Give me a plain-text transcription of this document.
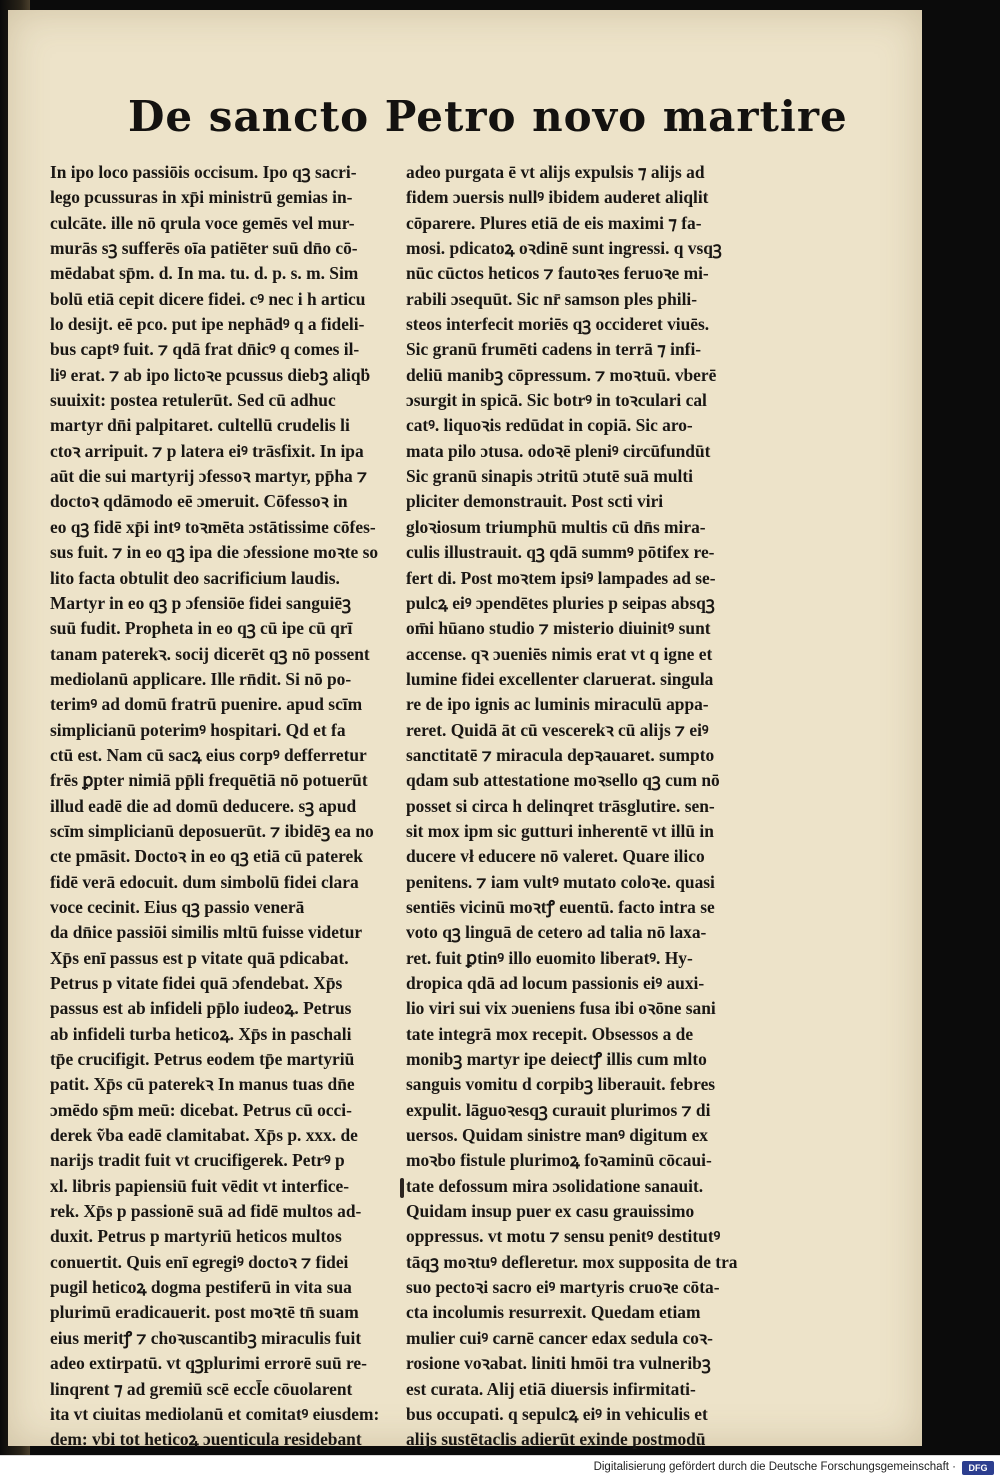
De sancto Petro novo martire
In ipo loco passiōis occisum. Ipo qꝫ sacri-
lego pcussuras in xp̄i ministrū gemias in-
culcāte. ille nō qrula voce gemēs vel mur-
murās sꝫ sufferēs oīa patiēter suū dn̄o cō-
mēdabat sp̄m. d. In ma. tu. d. p. s. m. Sim
bolū etiā cepit dicere fidei. cꝰ nec i h articu
lo desijt. eē pco. put ipe nephādꝰ q a fideli-
bus captꝰ fuit. ⁊ qdā frat dn̄icꝰ q comes il-
liꝰ erat. ⁊ ab ipo lictoꝛe pcussus diebꝫ aliqḃ
suuixit: postea retulerūt. Sed cū adhuc
martyr dn̄i palpitaret. cultellū crudelis li
ctoꝛ arripuit. ⁊ p latera eiꝰ trāsfixit. In ipa
aūt die sui martyrij ɔfessoꝛ martyr, pp̄ha ⁊
doctoꝛ qdāmodo eē ɔmeruit. Cōfessoꝛ in
eo qꝫ fidē xp̄i intꝰ toꝛmēta ɔstātissime cōfes-
sus fuit. ⁊ in eo qꝫ ipa die ɔfessione moꝛte so
lito facta obtulit deo sacrificium laudis.
Martyr in eo qꝫ p ɔfensiōe fidei sanguiēꝫ
suū fudit. Propheta in eo qꝫ cū ipe cū qrī
tanam paterekꝛ. socij dicerēt qꝫ nō possent
mediolanū applicare. Ille rn̄dit. Si nō po-
terimꝰ ad domū fratrū puenire. apud scīm
simplicianū poterimꝰ hospitari. Qd et fa
ctū est. Nam cū sacꝝ eius corpꝰ defferretur
frēs ꝑpter nimiā pp̄li frequētiā nō potuerūt
illud eadē die ad domū deducere. sꝫ apud
scīm simplicianū deposuerūt. ⁊ ibidēꝫ ea no
cte pmāsit. Doctoꝛ in eo qꝫ etiā cū paterek
fidē verā edocuit. dum simbolū fidei clara
voce cecinit. Eius qꝫ passio venerā
da dn̄ice passiōi similis mltū fuisse videtur
Xp̄s enī passus est p vitate quā pdicabat.
Petrus p vitate fidei quā ɔfendebat. Xp̄s
passus est ab infideli pp̄lo iudeoꝝ. Petrus
ab infideli turba heticoꝝ. Xp̄s in paschali
tp̄e crucifigit. Petrus eodem tp̄e martyriū
patit. Xp̄s cū paterekꝛ In manus tuas dn̄e
ɔmēdo sp̄m meū: dicebat. Petrus cū occi-
derek ṽba eadē clamitabat. Xp̄s p. xxx. de
narijs tradit fuit vt crucifigerek. Petrꝰ p
xl. libris papiensiū fuit vēdit vt interfice-
rek. Xp̄s p passionē suā ad fidē multos ad-
duxit. Petrus p martyriū heticos multos
conuertit. Quis enī egregiꝰ doctoꝛ ⁊ fidei
pugil heticoꝝ dogma pestiferū in vita sua
plurimū eradicauerit. post moꝛtē tn̄ suam
eius meritꝭ ⁊ choꝛuscantibꝫ miraculis fuit
adeo extirpatū. vt qꝫplurimi errorē suū re-
linqrent ⁊ ad gremiū scē eccl̄e cōuolarent
ita vt ciuitas mediolanū et comitatꝰ eiusdem:
dem: vbi tot heticoꝝ ɔuenticula residebant
adeo purgata ē vt alijs expulsis ⁊ alijs ad
fidem ɔuersis nullꝰ ibidem auderet aliqlit
cōparere. Plures etiā de eis maximi ⁊ fa-
mosi. pdicatoꝝ oꝛdinē sunt ingressi. q vsqꝫ
nūc cūctos heticos ⁊ fautoꝛes feruoꝛe mi-
rabili ɔsequūt. Sic nr̄ samson ples phili-
steos interfecit moriēs qꝫ occideret viuēs.
Sic granū frumēti cadens in terrā ⁊ infi-
deliū manibꝫ cōpressum. ⁊ moꝛtuū. vberē
ɔsurgit in spicā. Sic botrꝰ in toꝛculari cal
catꝰ. liquoꝛis redūdat in copiā. Sic aro-
mata pilo ɔtusa. odoꝛē pleniꝰ circūfundūt
Sic granū sinapis ɔtritū ɔtutē suā multi
pliciter demonstrauit. Post scti viri
gloꝛiosum triumphū multis cū dn̄s mira-
culis illustrauit. qꝫ qdā summꝰ pōtifex re-
fert di. Post moꝛtem ipsiꝰ lampades ad se-
pulcꝝ eiꝰ ɔpendētes pluries p seipas absqꝫ
om̄i hūano studio ⁊ misterio diuinitꝰ sunt
accense. qꝛ ɔueniēs nimis erat vt q igne et
lumine fidei excellenter claruerat. singula
re de ipo ignis ac luminis miraculū appa-
reret. Quidā āt cū vescerekꝛ cū alijs ⁊ eiꝰ
sanctitatē ⁊ miracula depꝛauaret. sumpto
qdam sub attestatione moꝛsello qꝫ cum nō
posset si circa h delinqret trāsglutire. sen-
sit mox ipm sic gutturi inherentē vt illū in
ducere vł educere nō valeret. Quare ilico
penitens. ⁊ iam vultꝰ mutato coloꝛe. quasi
sentiēs vicinū moꝛtꝭ euentū. facto intra se
voto qꝫ linguā de cetero ad talia nō laxa-
ret. fuit ꝑtinꝰ illo euomito liberatꝰ. Hy-
dropica qdā ad locum passionis eiꝰ auxi-
lio viri sui vix ɔueniens fusa ibi oꝛōne sani
tate integrā mox recepit. Obsessos a de
monibꝫ martyr ipe deiectꝭ illis cum mlto
sanguis vomitu d corpibꝫ liberauit. febres
expulit. lāguoꝛesqꝫ curauit plurimos ⁊ di
uersos. Quidam sinistre manꝰ digitum ex
moꝛbo fistule plurimoꝝ foꝛaminū cōcaui-
tate defossum mira ɔsolidatione sanauit.
Quidam insup puer ex casu grauissimo
oppressus. vt motu ⁊ sensu penitꝰ destitutꝰ
tāqꝫ moꝛtuꝰ defleretur. mox supposita de tra
suo pectoꝛi sacro eiꝰ martyris cruoꝛe cōta-
cta incolumis resurrexit. Quedam etiam
mulier cuiꝰ carnē cancer edax sedula coꝛ-
rosione voꝛabat. liniti hmōi tra vulneribꝫ
est curata. Alij etiā diuersis infirmitati-
bus occupati. q sepulcꝝ eiꝰ in vehiculis et
alijs sustētaclis adierūt exinde postmodū
Digitalisierung gefördert durch die Deutsche Forschungsgemeinschaft ·	DFG
